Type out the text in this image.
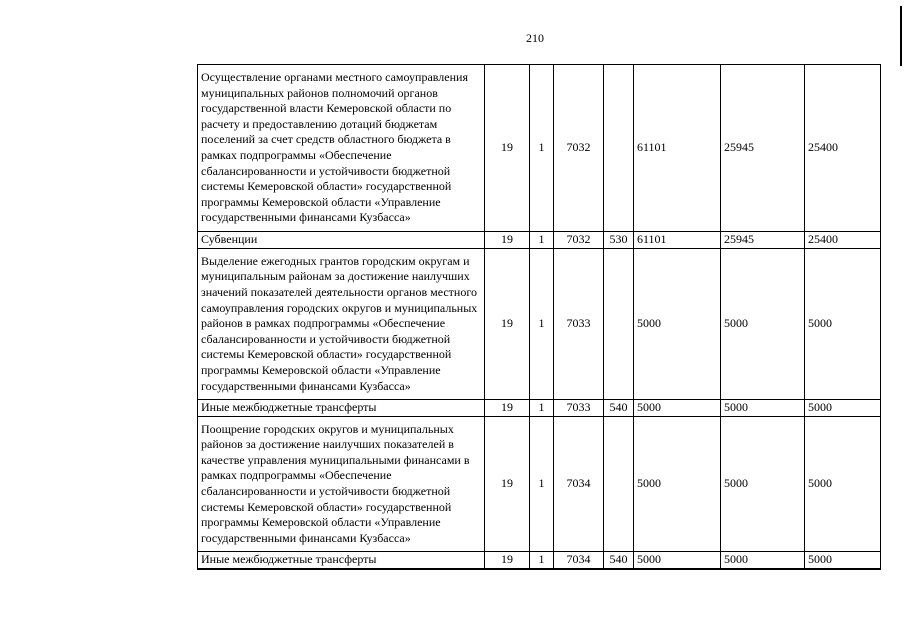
210
Осуществление органами местного самоуправления муниципальных районов полномочий органов государственной власти Кемеровской области по расчету и предоставлению дотаций бюджетам поселений за счет средств областного бюджета в рамках подпрограммы «Обеспечение сбалансированности и устойчивости бюджетной системы Кемеровской области» государственной программы Кемеровской области «Управление государственными финансами Кузбасса»	19	1	7032		61101	25945	25400
Субвенции	19	1	7032	530	61101	25945	25400
Выделение ежегодных грантов городским округам и муниципальным районам за достижение наилучших значений показателей деятельности органов местного самоуправления городских округов и муниципальных районов в рамках подпрограммы «Обеспечение сбалансированности и устойчивости бюджетной системы Кемеровской области» государственной программы Кемеровской области «Управление государственными финансами Кузбасса»	19	1	7033		5000	5000	5000
Иные межбюджетные трансферты	19	1	7033	540	5000	5000	5000
Поощрение городских округов и муниципальных районов за достижение наилучших показателей в качестве управления муниципальными финансами в рамках подпрограммы «Обеспечение сбалансированности и устойчивости бюджетной системы Кемеровской области» государственной программы Кемеровской области «Управление государственными финансами Кузбасса»	19	1	7034		5000	5000	5000
Иные межбюджетные трансферты	19	1	7034	540	5000	5000	5000
